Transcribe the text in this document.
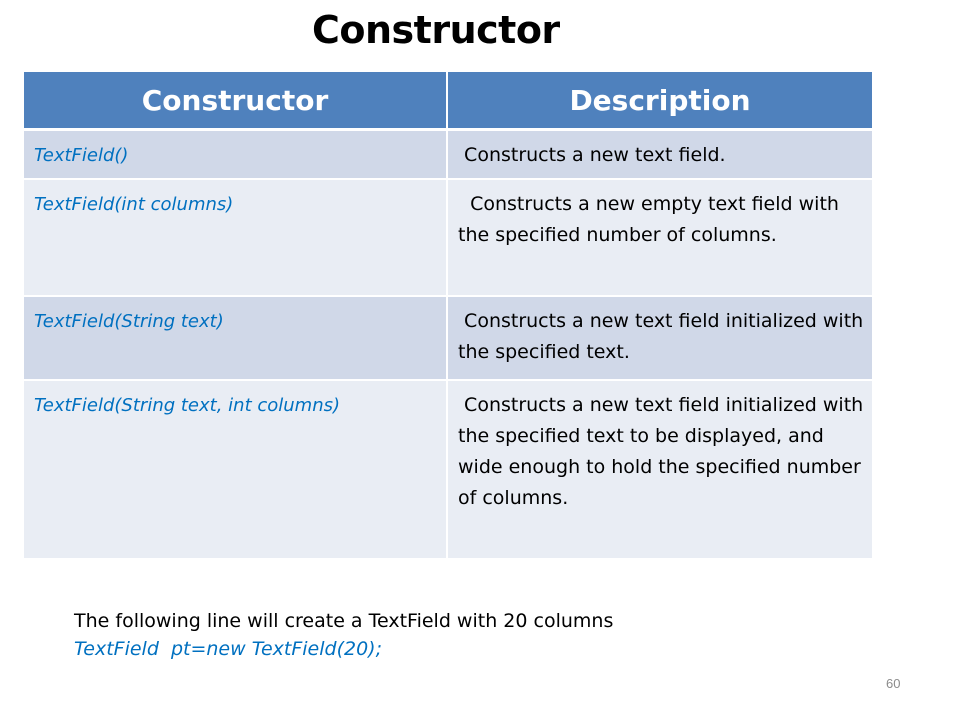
Constructor
Constructor	Description
TextField()	Constructs a new text field.
TextField(int columns)	Constructs a new empty text field with the specified number of columns.
TextField(String text)	Constructs a new text field initialized with the specified text.
TextField(String text, int columns)	Constructs a new text field initialized with the specified text to be displayed, and wide enough to hold the specified number of columns.
The following line will create a TextField with 20 columns
TextField  pt=new TextField(20);
60
